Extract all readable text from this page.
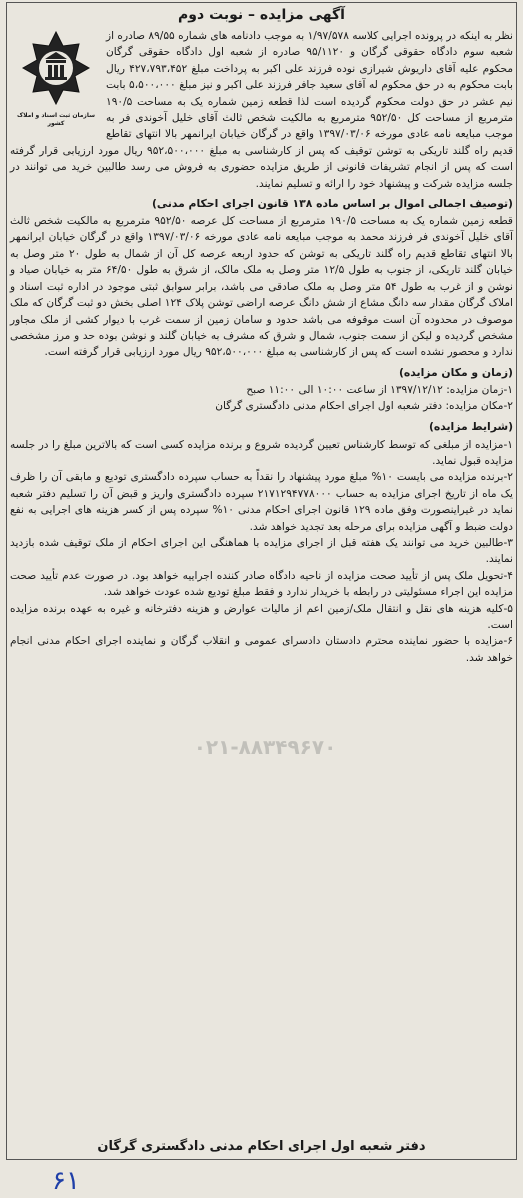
آگهی مزایده – نوبت دوم
سازمان ثبت اسناد و املاک کشور

نظر به اینکه در پرونده اجرایی کلاسه ۱/۹۷/۵۷۸ به موجب دادنامه های شماره ۸۹/۵۵ صادره از شعبه سوم دادگاه حقوقی گرگان و ۹۵/۱۱۲۰ صادره از شعبه اول دادگاه حقوقی گرگان محکوم علیه آقای داریوش شیرازی نوده فرزند علی اکبر به پرداخت مبلغ ۴۲۷،۷۹۳،۴۵۲ ریال بابت محکوم به در حق محکوم له آقای سعید جافر فرزند علی اکبر و نیز مبلغ ۵،۵۰۰،۰۰۰ بابت نیم عشر در حق دولت محکوم گردیده است لذا قطعه زمین شماره یک به مساحت ۱۹۰/۵ مترمربع از مساحت کل ۹۵۲/۵۰ مترمربع به مالکیت شخص ثالث آقای خلیل آخوندی فر به موجب مبایعه نامه عادی مورخه ۱۳۹۷/۰۳/۰۶ واقع در گرگان خیابان ایرانمهر بالا انتهای تقاطع قدیم راه گلند تاریکی به توشن توقیف که پس از کارشناسی به مبلغ ۹۵۲،۵۰۰،۰۰۰ ریال مورد ارزیابی قرار گرفته است که پس از انجام تشریفات قانونی از طریق مزایده حضوری به فروش می رسد طالبین خرید می توانند در جلسه مزایده شرکت و پیشنهاد خود را ارائه و تسلیم نمایند.

(توصیف اجمالی اموال بر اساس ماده ۱۳۸ قانون اجرای احکام مدنی)

قطعه زمین شماره یک به مساحت ۱۹۰/۵ مترمربع از مساحت کل عرصه ۹۵۲/۵۰ مترمربع به مالکیت شخص ثالث آقای خلیل آخوندی فر فرزند محمد به موجب مبایعه نامه عادی مورخه ۱۳۹۷/۰۳/۰۶ واقع در گرگان خیابان ایرانمهر بالا انتهای تقاطع قدیم راه گلند تاریکی به توشن که حدود اربعه عرصه کل آن از شمال به طول ۲۰ متر وصل به خیابان گلند تاریکی، از جنوب به طول ۱۲/۵ متر وصل به ملک مالک، از شرق به طول ۶۴/۵۰ متر به خیابان صیاد و نوشن و از غرب به طول ۵۴ متر وصل به ملک صادقی می باشد، برابر سوابق ثبتی موجود در اداره ثبت اسناد و املاک گرگان مقدار سه دانگ مشاع از شش دانگ عرصه اراضی توشن پلاک ۱۲۴ اصلی بخش دو ثبت گرگان که ملک موصوف در محدوده آن است موقوفه می باشد حدود و سامان زمین از سمت غرب با دیوار کشی از ملک مجاور مشخص گردیده و لیکن از سمت جنوب، شمال و شرق که مشرف به خیابان گلند و نوشن بوده حد و مرز مشخصی ندارد و محصور نشده است که پس از کارشناسی به مبلغ ۹۵۲،۵۰۰،۰۰۰ ریال مورد ارزیابی قرار گرفته است.

(زمان و مکان مزایده)

۱-زمان مزایده: ۱۳۹۷/۱۲/۱۲ از ساعت ۱۰:۰۰ الی ۱۱:۰۰ صبح

۲-مکان مزایده: دفتر شعبه اول اجرای احکام مدنی دادگستری گرگان

(شرایط مزایده)

۱-مزایده از مبلغی که توسط کارشناس تعیین گردیده شروع و برنده مزایده کسی است که بالاترین مبلغ را در جلسه مزایده قبول نماید.

۲-برنده مزایده می بایست ۱۰% مبلغ مورد پیشنهاد را نقداً به حساب سپرده دادگستری تودیع و مابقی آن را ظرف یک ماه از تاریخ اجرای مزایده به حساب ۲۱۷۱۲۹۴۷۷۸۰۰۰ سپرده دادگستری واریز و قبض آن را تسلیم دفتر شعبه نماید در غیراینصورت وفق ماده ۱۲۹ قانون اجرای احکام مدنی ۱۰% سپرده پس از کسر هزینه های اجرایی به نفع دولت ضبط و آگهی مزایده برای مرحله بعد تجدید خواهد شد.

۳-طالبین خرید می توانند یک هفته قبل از اجرای مزایده با هماهنگی این اجرای احکام از ملک توقیف شده بازدید نمایند.

۴-تحویل ملک پس از تأیید صحت مزایده از ناحیه دادگاه صادر کننده اجراییه خواهد بود. در صورت عدم تأیید صحت مزایده این اجراء مسئولیتی در رابطه با خریدار ندارد و فقط مبلغ تودیع شده عودت خواهد شد.

۵-کلیه هزینه های نقل و انتقال ملک/زمین اعم از مالیات عوارض و هزینه دفترخانه و غیره به عهده برنده مزایده است.

۶-مزایده با حضور نماینده محترم دادستان دادسرای عمومی و انقلاب گرگان و نماینده اجرای احکام مدنی انجام خواهد شد.

۰۲۱-۸۸۳۴۹۶۷۰
دفتر شعبه اول اجرای احکام مدنی دادگستری گرگان
۶۱
